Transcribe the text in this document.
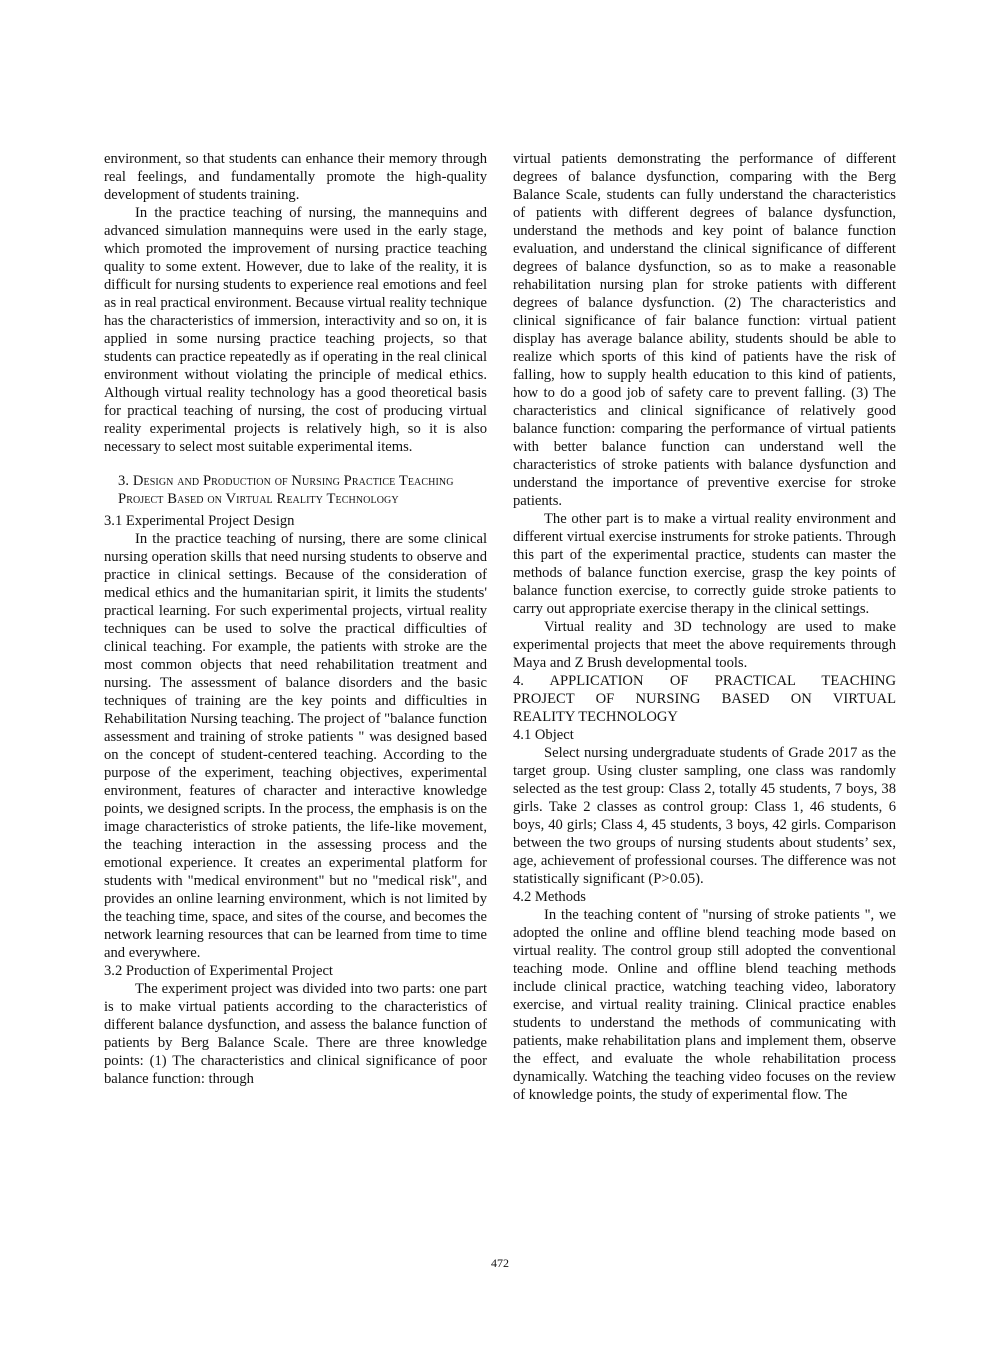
environment, so that students can enhance their memory through real feelings, and fundamentally promote the high-quality development of students training.

In the practice teaching of nursing, the mannequins and advanced simulation mannequins were used in the early stage, which promoted the improvement of nursing practice teaching quality to some extent. However, due to lake of the reality, it is difficult for nursing students to experience real emotions and feel as in real practical environment. Because virtual reality technique has the characteristics of immersion, interactivity and so on, it is applied in some nursing practice teaching projects, so that students can practice repeatedly as if operating in the real clinical environment without violating the principle of medical ethics. Although virtual reality technology has a good theoretical basis for practical teaching of nursing, the cost of producing virtual reality experimental projects is relatively high, so it is also necessary to select most suitable experimental items.

3. Design and Production of Nursing Practice Teaching Project Based on Virtual Reality Technology

3.1 Experimental Project Design

In the practice teaching of nursing, there are some clinical nursing operation skills that need nursing students to observe and practice in clinical settings. Because of the consideration of medical ethics and the humanitarian spirit, it limits the students' practical learning. For such experimental projects, virtual reality techniques can be used to solve the practical difficulties of clinical teaching. For example, the patients with stroke are the most common objects that need rehabilitation treatment and nursing. The assessment of balance disorders and the basic techniques of training are the key points and difficulties in Rehabilitation Nursing teaching. The project of "balance function assessment and training of stroke patients " was designed based on the concept of student-centered teaching. According to the purpose of the experiment, teaching objectives, experimental environment, features of character and interactive knowledge points, we designed scripts. In the process, the emphasis is on the image characteristics of stroke patients, the life-like movement, the teaching interaction in the assessing process and the emotional experience. It creates an experimental platform for students with "medical environment" but no "medical risk", and provides an online learning environment, which is not limited by the teaching time, space, and sites of the course, and becomes the network learning resources that can be learned from time to time and everywhere.

3.2 Production of Experimental Project

The experiment project was divided into two parts: one part is to make virtual patients according to the characteristics of different balance dysfunction, and assess the balance function of patients by Berg Balance Scale. There are three knowledge points: (1) The characteristics and clinical significance of poor balance function: through

virtual patients demonstrating the performance of different degrees of balance dysfunction, comparing with the Berg Balance Scale, students can fully understand the characteristics of patients with different degrees of balance dysfunction, understand the methods and key point of balance function evaluation, and understand the clinical significance of different degrees of balance dysfunction, so as to make a reasonable rehabilitation nursing plan for stroke patients with different degrees of balance dysfunction. (2) The characteristics and clinical significance of fair balance function: virtual patient display has average balance ability, students should be able to realize which sports of this kind of patients have the risk of falling, how to supply health education to this kind of patients, how to do a good job of safety care to prevent falling. (3) The characteristics and clinical significance of relatively good balance function: comparing the performance of virtual patients with better balance function can understand well the characteristics of stroke patients with balance dysfunction and understand the importance of preventive exercise for stroke patients.

The other part is to make a virtual reality environment and different virtual exercise instruments for stroke patients. Through this part of the experimental practice, students can master the methods of balance function exercise, grasp the key points of balance function exercise, to correctly guide stroke patients to carry out appropriate exercise therapy in the clinical settings.

Virtual reality and 3D technology are used to make experimental projects that meet the above requirements through Maya and Z Brush developmental tools.

4. APPLICATION OF PRACTICAL TEACHING
PROJECT OF NURSING BASED ON VIRTUAL
REALITY TECHNOLOGY

4.1 Object

Select nursing undergraduate students of Grade 2017 as the target group. Using cluster sampling, one class was randomly selected as the test group: Class 2, totally 45 students, 7 boys, 38 girls. Take 2 classes as control group: Class 1, 46 students, 6 boys, 40 girls; Class 4, 45 students, 3 boys, 42 girls. Comparison between the two groups of nursing students about students’ sex, age, achievement of professional courses. The difference was not statistically significant (P>0.05).

4.2 Methods

In the teaching content of "nursing of stroke patients ", we adopted the online and offline blend teaching mode based on virtual reality. The control group still adopted the conventional teaching mode. Online and offline blend teaching methods include clinical practice, watching teaching video, laboratory exercise, and virtual reality training. Clinical practice enables students to understand the methods of communicating with patients, make rehabilitation plans and implement them, observe the effect, and evaluate the whole rehabilitation process dynamically. Watching the teaching video focuses on the review of knowledge points, the study of experimental flow. The

472
